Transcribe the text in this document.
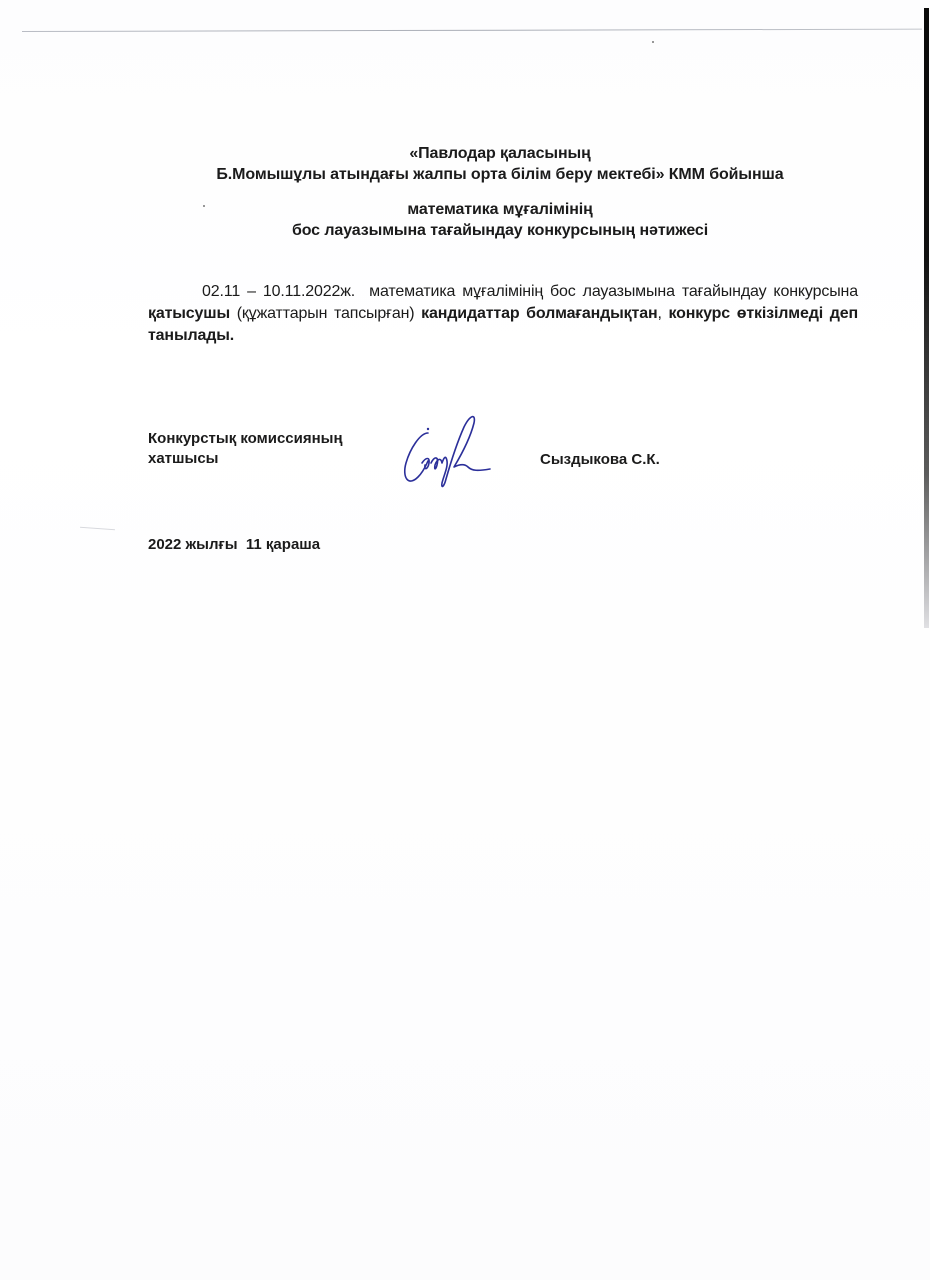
«Павлодар қаласының
Б.Момышұлы атындағы жалпы орта білім беру мектебі» КММ бойынша
математика мұғалімінің
бос лауазымына тағайындау конкурсының нәтижесі
02.11 – 10.11.2022ж.  математика мұғалімінің бос лауазымына тағайындау конкурсына қатысушы (құжаттарын тапсырған) кандидаттар болмағандықтан, конкурс өткізілмеді деп танылады.
Конкурстық комиссияның
хатшысы	Сыздыкова С.К.
2022 жылғы  11 қараша
